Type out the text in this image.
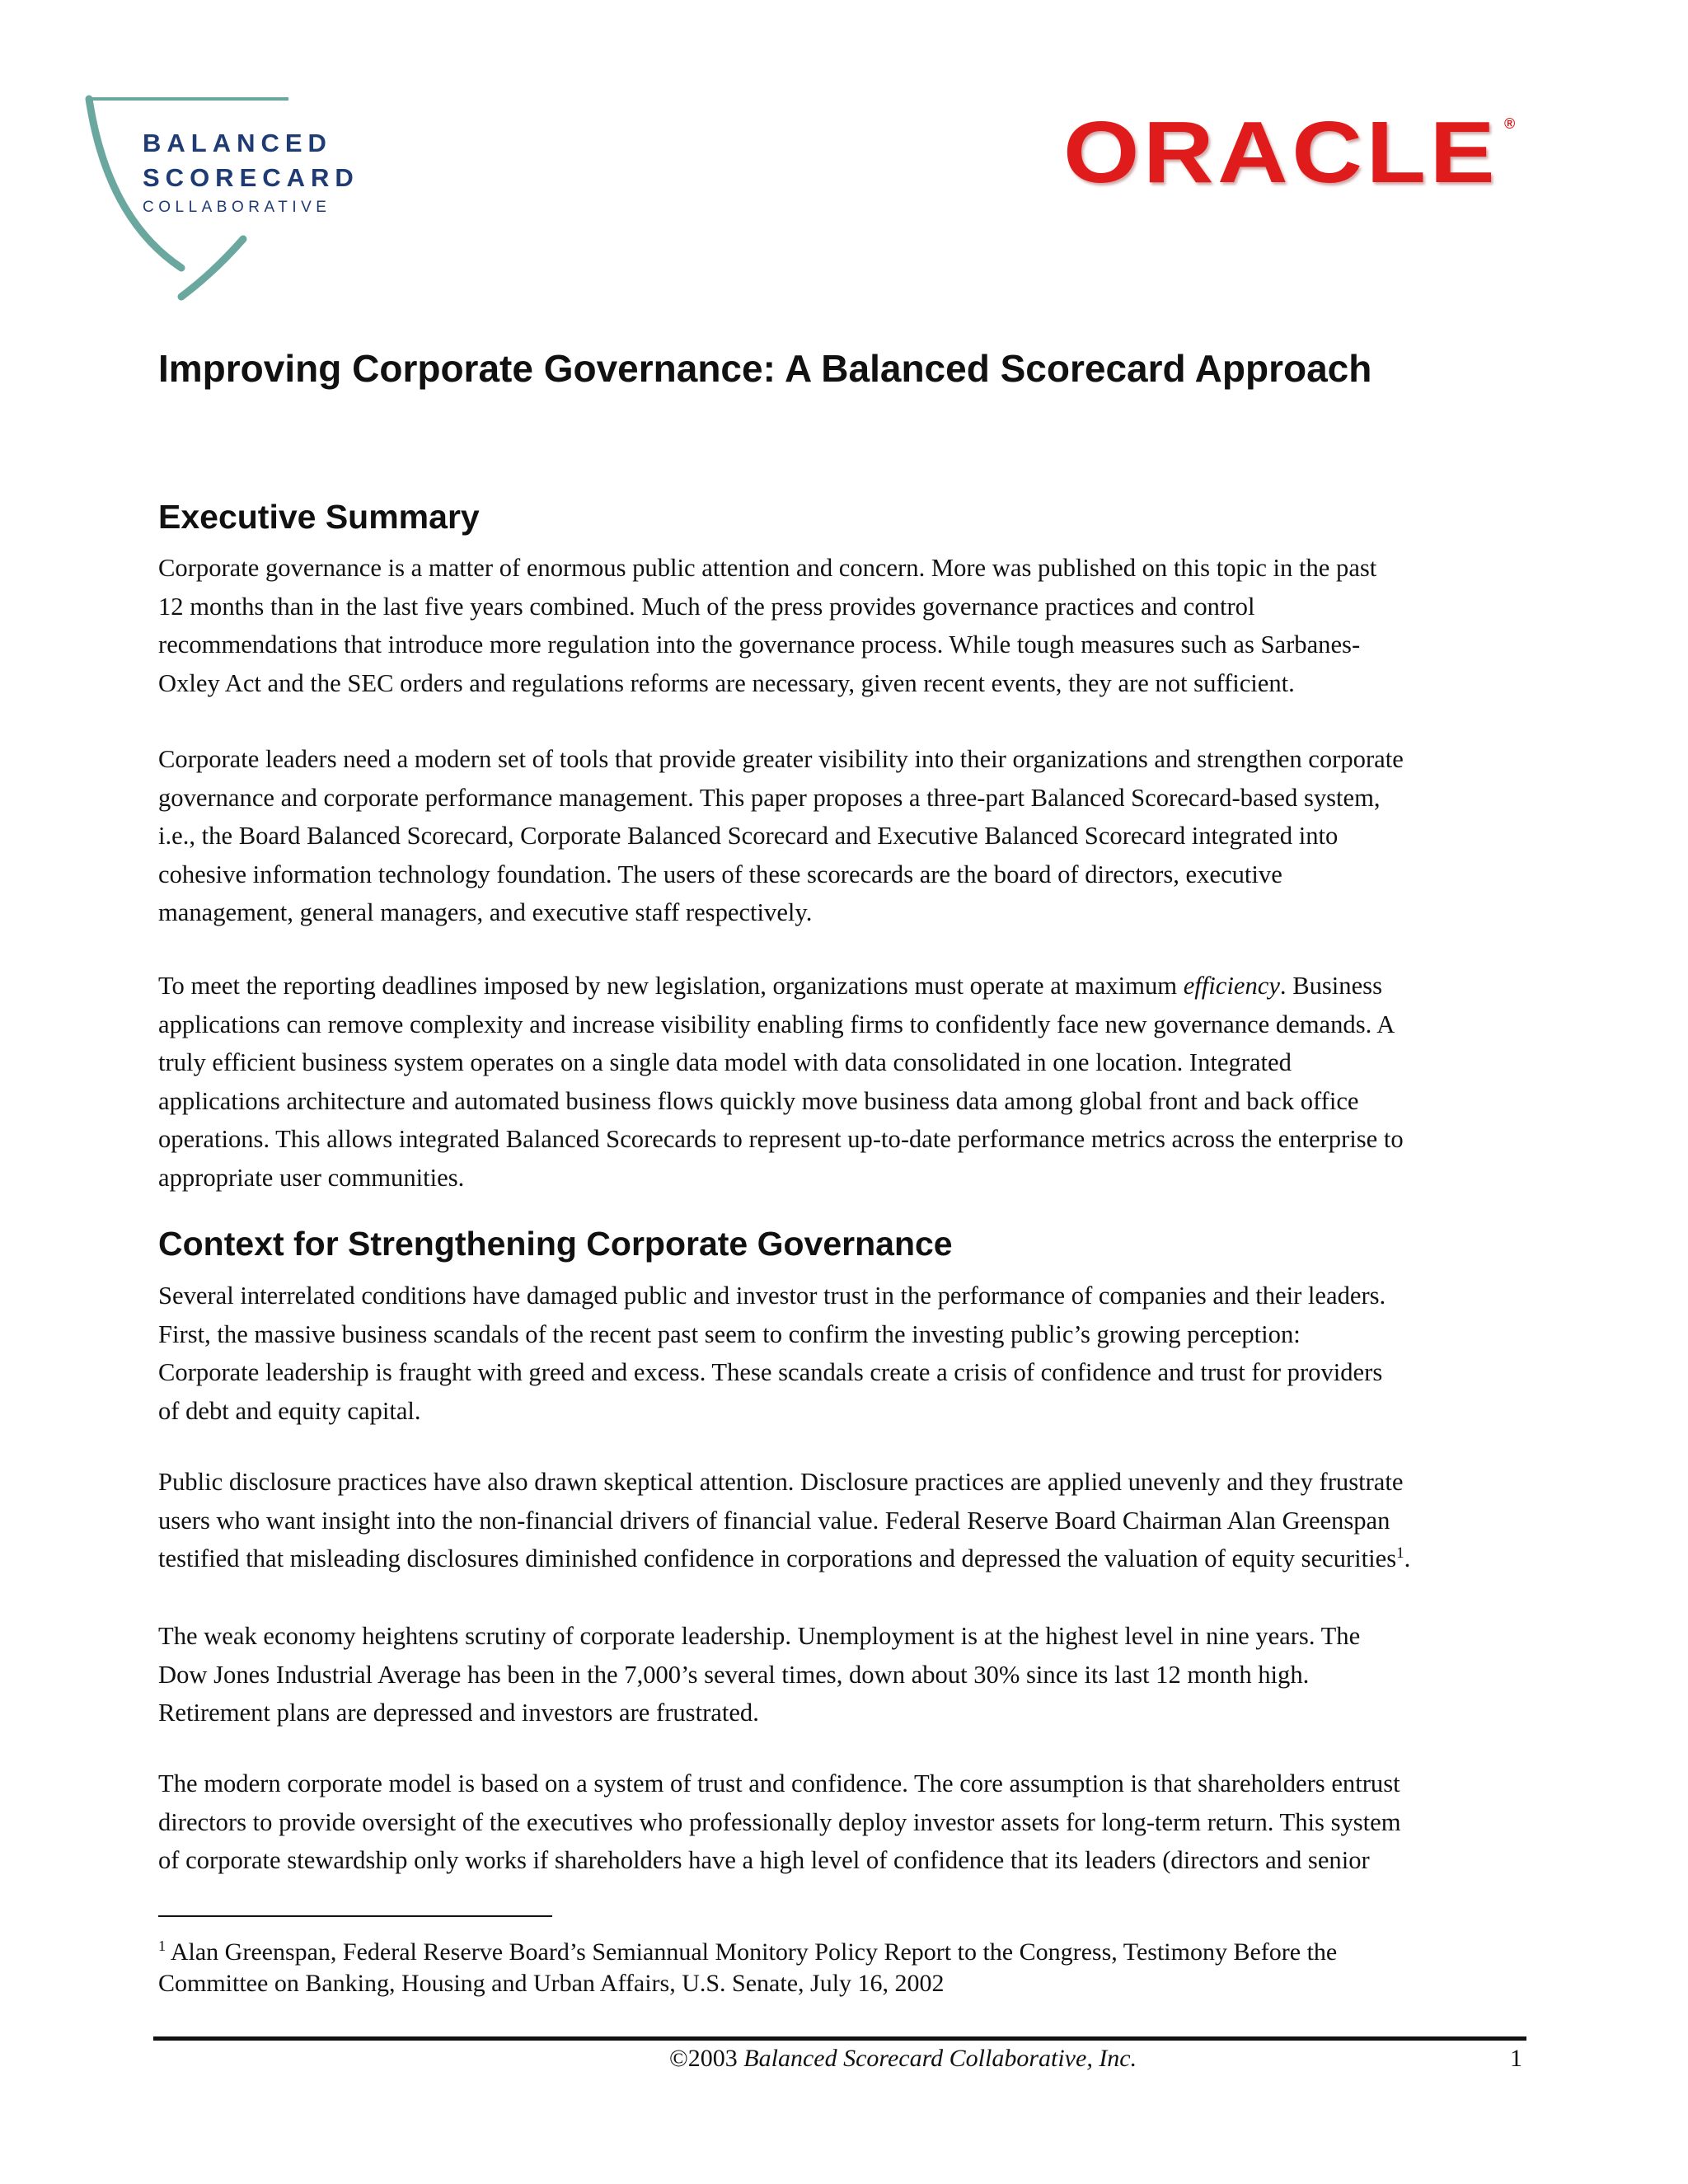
BALANCED
SCORECARD
COLLABORATIVE
ORACLE ®
Improving Corporate Governance: A Balanced Scorecard Approach
Executive Summary

Corporate governance is a matter of enormous public attention and concern. More was published on this topic in the past
12 months than in the last five years combined. Much of the press provides governance practices and control
recommendations that introduce more regulation into the governance process. While tough measures such as Sarbanes-
Oxley Act and the SEC orders and regulations reforms are necessary, given recent events, they are not sufficient.

Corporate leaders need a modern set of tools that provide greater visibility into their organizations and strengthen corporate
governance and corporate performance management. This paper proposes a three-part Balanced Scorecard-based system,
i.e., the Board Balanced Scorecard, Corporate Balanced Scorecard and Executive Balanced Scorecard integrated into
cohesive information technology foundation. The users of these scorecards are the board of directors, executive
management, general managers, and executive staff respectively.

To meet the reporting deadlines imposed by new legislation, organizations must operate at maximum efficiency. Business
applications can remove complexity and increase visibility enabling firms to confidently face new governance demands. A
truly efficient business system operates on a single data model with data consolidated in one location. Integrated
applications architecture and automated business flows quickly move business data among global front and back office
operations. This allows integrated Balanced Scorecards to represent up-to-date performance metrics across the enterprise to
appropriate user communities.

Context for Strengthening Corporate Governance

Several interrelated conditions have damaged public and investor trust in the performance of companies and their leaders.
First, the massive business scandals of the recent past seem to confirm the investing public’s growing perception:
Corporate leadership is fraught with greed and excess. These scandals create a crisis of confidence and trust for providers
of debt and equity capital.

Public disclosure practices have also drawn skeptical attention. Disclosure practices are applied unevenly and they frustrate
users who want insight into the non-financial drivers of financial value. Federal Reserve Board Chairman Alan Greenspan
testified that misleading disclosures diminished confidence in corporations and depressed the valuation of equity securities$^1$.

The weak economy heightens scrutiny of corporate leadership. Unemployment is at the highest level in nine years. The
Dow Jones Industrial Average has been in the 7,000’s several times, down about 30% since its last 12 month high.
Retirement plans are depressed and investors are frustrated.

The modern corporate model is based on a system of trust and confidence. The core assumption is that shareholders entrust
directors to provide oversight of the executives who professionally deploy investor assets for long-term return. This system
of corporate stewardship only works if shareholders have a high level of confidence that its leaders (directors and senior

$^1$ Alan Greenspan, Federal Reserve Board’s Semiannual Monitory Policy Report to the Congress, Testimony Before the
Committee on Banking, Housing and Urban Affairs, U.S. Senate, July 16, 2002

©2003 Balanced Scorecard Collaborative, Inc.	1
